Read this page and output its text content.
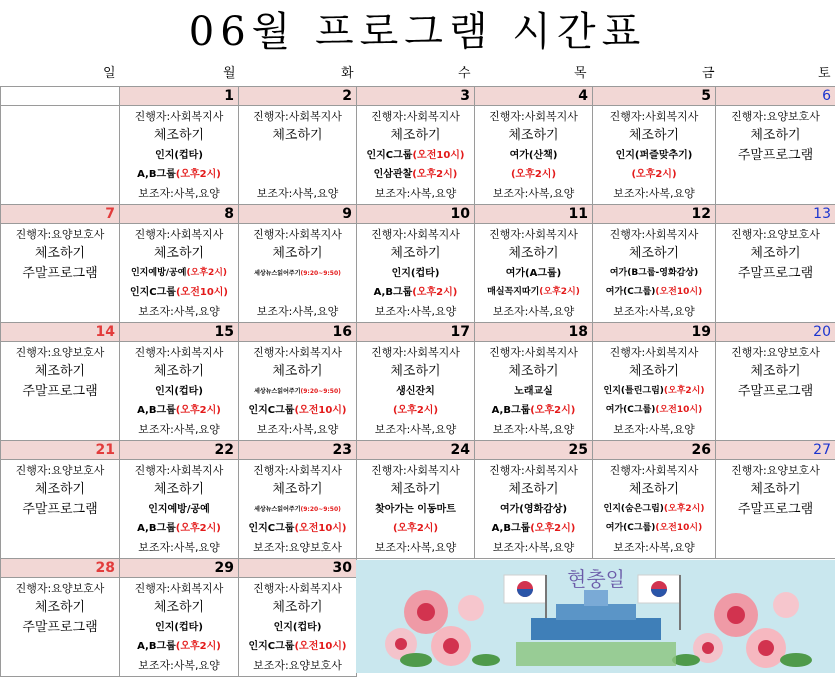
06월 프로그램 시간표
일	월	화	수	목	금	토
	1	2	3	4	5	6

	진행자:사회복지사
체조하기
인지(컵타)
A,B그룹(오후2시)
보조자:사복,요양	진행자:사회복지사
체조하기
보조자:사복,요양	진행자:사회복지사
체조하기
인지C그룹(오전10시)
인삼관찰(오후2시)
보조자:사복,요양	진행자:사회복지사
체조하기
여가(산책)
(오후2시)
보조자:사복,요양	진행자:사회복지사
체조하기
인지(퍼즐맞추기)
(오후2시)
보조자:사복,요양	진행자:요양보호사
체조하기
주말프로그램

7	8	9	10	11	12	13

진행자:요양보호사
체조하기
주말프로그램	진행자:사회복지사
체조하기
인지예방/공예(오후2시)
인지C그룹(오전10시)
보조자:사복,요양	진행자:사회복지사
체조하기
세상뉴스읽어주기(9:20~9:50)
보조자:사복,요양	진행자:사회복지사
체조하기
인지(컵타)
A,B그룹(오후2시)
보조자:사복,요양	진행자:사회복지사
체조하기
여가(A그룹)
매실꼭지따기(오후2시)
보조자:사복,요양	진행자:사회복지사
체조하기
여가(B그룹-영화감상)
여가(C그룹)(오전10시)
보조자:사복,요양	진행자:요양보호사
체조하기
주말프로그램

14	15	16	17	18	19	20

진행자:요양보호사
체조하기
주말프로그램	진행자:사회복지사
체조하기
인지(컵타)
A,B그룹(오후2시)
보조자:사복,요양	진행자:사회복지사
체조하기
세상뉴스읽어주기(9:20~9:50)
인지C그룹(오전10시)
보조자:사복,요양	진행자:사회복지사
체조하기
생신잔치
(오후2시)
보조자:사복,요양	진행자:사회복지사
체조하기
노래교실
A,B그룹(오후2시)
보조자:사복,요양	진행자:사회복지사
체조하기
인지(틀린그림)(오후2시)
여가(C그룹)(오전10시)
보조자:사복,요양	진행자:요양보호사
체조하기
주말프로그램

21	22	23	24	25	26	27

진행자:요양보호사
체조하기
주말프로그램	진행자:사회복지사
체조하기
인지예방/공예
A,B그룹(오후2시)
보조자:사복,요양	진행자:사회복지사
체조하기
세상뉴스읽어주기(9:20~9:50)
인지C그룹(오전10시)
보조자:요양보호사	진행자:사회복지사
체조하기
찾아가는 이동마트
(오후2시)
보조자:사복,요양	진행자:사회복지사
체조하기
여가(영화감상)
A,B그룹(오후2시)
보조자:사복,요양	진행자:사회복지사
체조하기
인지(숨은그림)(오후2시)
여가(C그룹)(오전10시)
보조자:사복,요양	진행자:요양보호사
체조하기
주말프로그램

28	29	30				

진행자:요양보호사
체조하기
주말프로그램	진행자:사회복지사
체조하기
인지(컵타)
A,B그룹(오후2시)
보조자:사복,요양	진행자:사회복지사
체조하기
인지(컵타)
인지C그룹(오전10시)
보조자:요양보호사				
현충일
